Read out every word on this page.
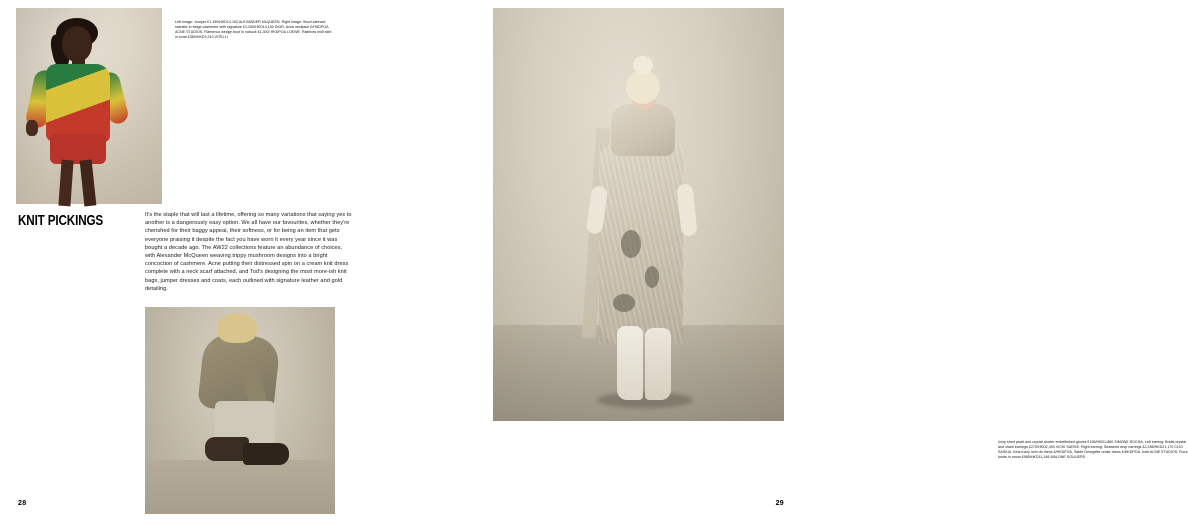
Left image: Jumper £1,190/HKD14,100 ALEXANDER McQUEEN. Right image: Short-sleeved sweater in beige cashmere with signature £1,250/HKD14,100 DIOR, Axxa necklace £/HKDPOA ACNE STUDIOS. Flamenco wedge boot in nubuck £1,300/ HKDPOA LOEWE. Rainbow midi skirt in coral £380/HKD3,310 VITELLI
KNIT PICKINGS	It's the staple that will last a lifetime, offering so many variations that saying yes to another is a dangerously easy option. We all have our favourites, whether they're cherished for their baggy appeal, their softness, or for being an item that gets everyone praising it despite the fact you have worn it every year since it was bought a decade ago. The AW22 collections feature an abundance of choices, with Alexander McQueen weaving trippy mushroom designs into a bright concoction of cashmere. Acne putting their distressed spin on a cream knit dress complete with a neck scarf attached, and Tod's designing the most more-ish knit bags, jumper dresses and coats, each outlined with signature leather and gold detailing.
28
Ivory short pearl and crystal cluster embellished gloves £195/HKD1,860 SIMONE ROCHA, Left earring: Bridal crystal and chain earrings £270/HKD2,494 VICKI SARGE. Right earring: Seaweed drop earrings £2,285/HKD21,170 CLIO SASKIA, Kela fuzzy mini rib dress £/HKDPOA, Sable Georgette under dress £/HKDPOA, both ACNE STUDIOS. Flora boots in moon £985/HKD11,148 MALONE SOULIERS
29
